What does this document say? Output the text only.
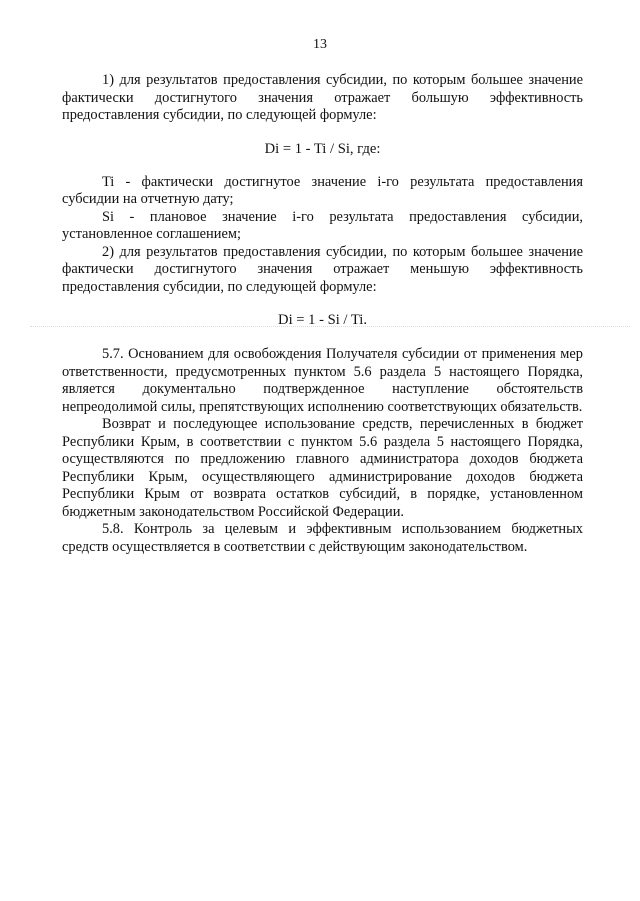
13

1) для результатов предоставления субсидии, по которым большее значение фактически достигнутого значения отражает большую эффективность предоставления субсидии, по следующей формуле:

Di = 1 - Ti / Si, где:

Ti - фактически достигнутое значение i-го результата предоставления субсидии на отчетную дату;

Si - плановое значение i-го результата предоставления субсидии, установленное соглашением;

2) для результатов предоставления субсидии, по которым большее значение фактически достигнутого значения отражает меньшую эффективность предоставления субсидии, по следующей формуле:

Di = 1 - Si / Ti.

5.7. Основанием для освобождения Получателя субсидии от применения мер ответственности, предусмотренных пунктом 5.6 раздела 5 настоящего Порядка, является документально подтвержденное наступление обстоятельств непреодолимой силы, препятствующих исполнению соответствующих обязательств.

Возврат и последующее использование средств, перечисленных в бюджет Республики Крым, в соответствии с пунктом 5.6 раздела 5 настоящего Порядка, осуществляются по предложению главного администратора доходов бюджета Республики Крым, осуществляющего администрирование доходов бюджета Республики Крым от возврата остатков субсидий, в порядке, установленном бюджетным законодательством Российской Федерации.

5.8. Контроль за целевым и эффективным использованием бюджетных средств осуществляется в соответствии с действующим законодательством.
